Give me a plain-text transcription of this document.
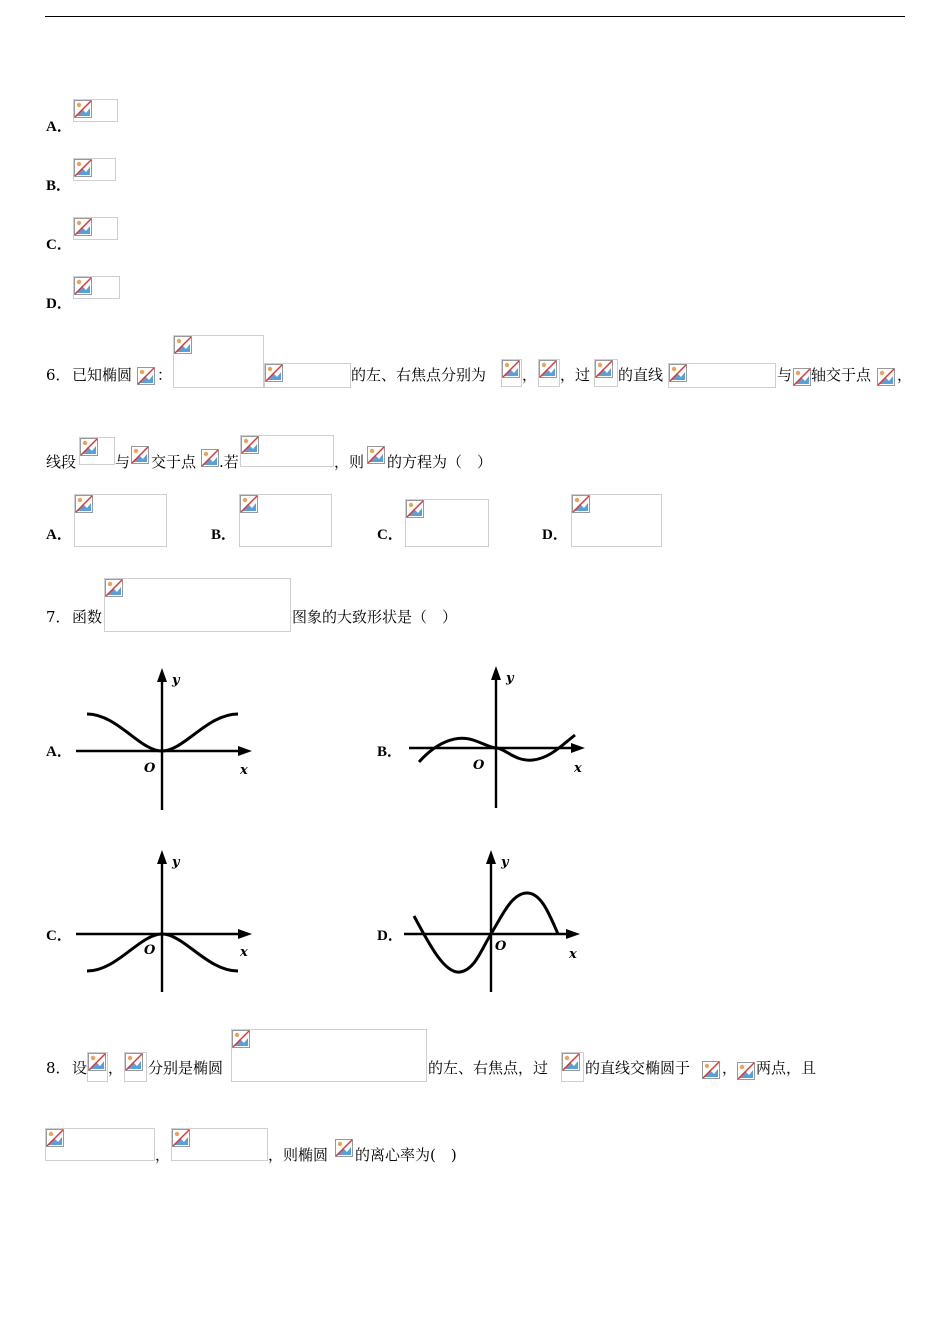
A．
B．
C．
D．
6． 已知椭圆 ：	的左、右焦点分别为 ， ，过 的直线	与 轴交于点 ，
线段	与 交于点 .若	，则 的方程为（　）
A．	B．	C．	D．
7． 函数	图象的大致形状是（　）
A．
y
x
O
B．
y
x
O
C．
y
x
O
D．
y
x
O
8． 设 ， 分别是椭圆	的左、右焦点，过 的直线交椭圆于 ， 两点，且
，	，则椭圆 的离心率为(　)
